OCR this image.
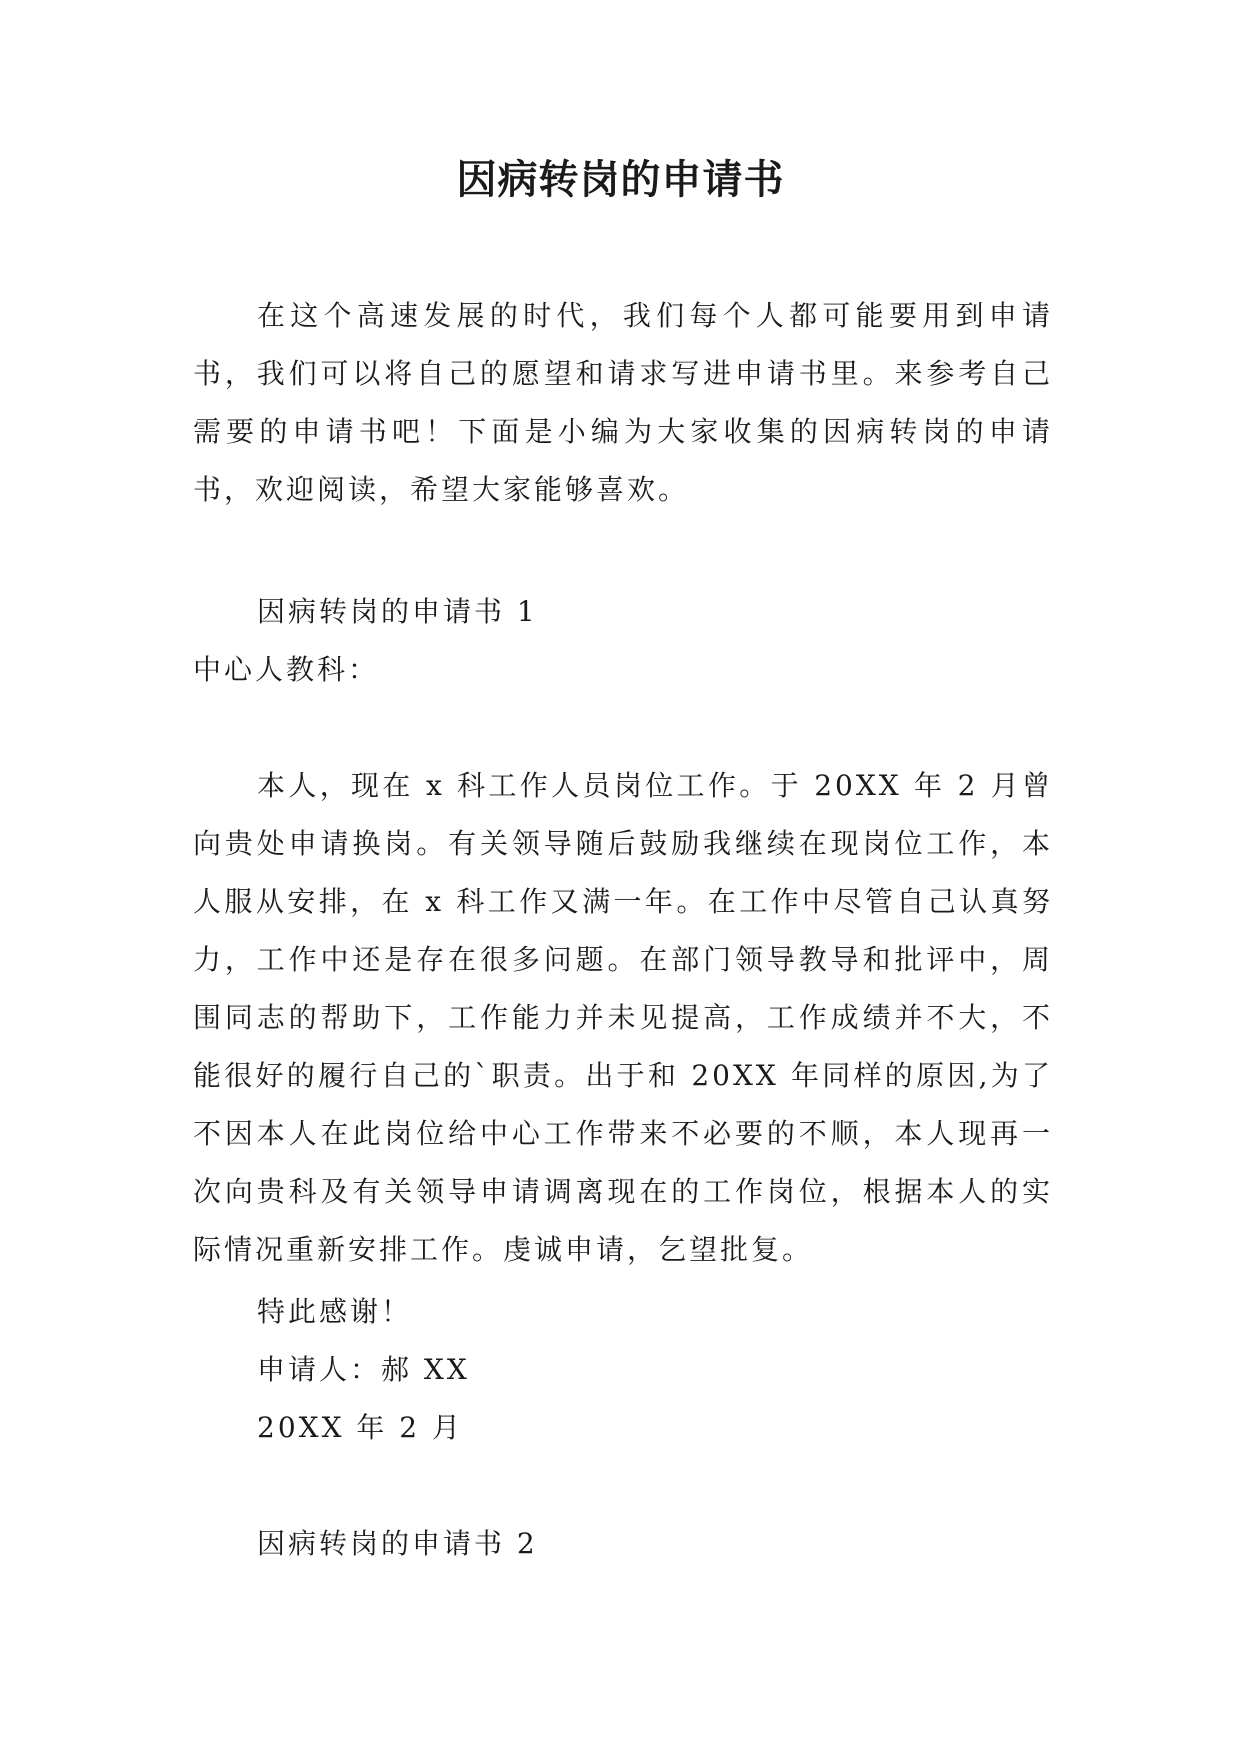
因病转岗的申请书

在这个高速发展的时代，我们每个人都可能要用到申请书，我们可以将自己的愿望和请求写进申请书里。来参考自己需要的申请书吧！下面是小编为大家收集的因病转岗的申请书，欢迎阅读，希望大家能够喜欢。

因病转岗的申请书 1

中心人教科：

本人，现在 x 科工作人员岗位工作。于 20XX 年 2 月曾向贵处申请换岗。有关领导随后鼓励我继续在现岗位工作，本人服从安排，在 x 科工作又满一年。在工作中尽管自己认真努力，工作中还是存在很多问题。在部门领导教导和批评中，周围同志的帮助下，工作能力并未见提高，工作成绩并不大，不能很好的履行自己的`职责。出于和 20XX 年同样的原因,为了不因本人在此岗位给中心工作带来不必要的不顺，本人现再一次向贵科及有关领导申请调离现在的工作岗位，根据本人的实际情况重新安排工作。虔诚申请，乞望批复。

特此感谢！

申请人：郝 XX

20XX 年 2 月

因病转岗的申请书 2
